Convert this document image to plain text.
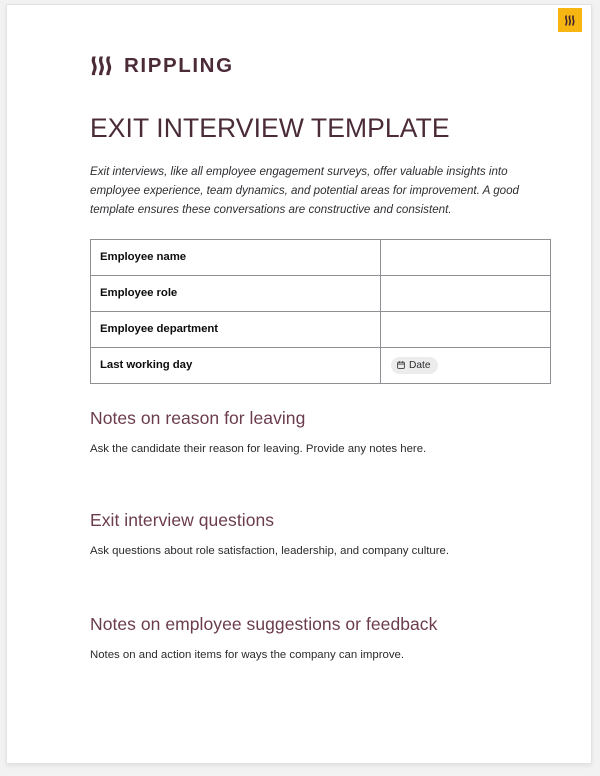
RIPPLING
EXIT INTERVIEW TEMPLATE

Exit interviews, like all employee engagement surveys, offer valuable insights into employee experience, team dynamics, and potential areas for improvement. A good template ensures these conversations are constructive and consistent.

Employee name	
Employee role	
Employee department	
Last working day	Date
Notes on reason for leaving

Ask the candidate their reason for leaving. Provide any notes here.

Exit interview questions

Ask questions about role satisfaction, leadership, and company culture.

Notes on employee suggestions or feedback

Notes on and action items for ways the company can improve.
